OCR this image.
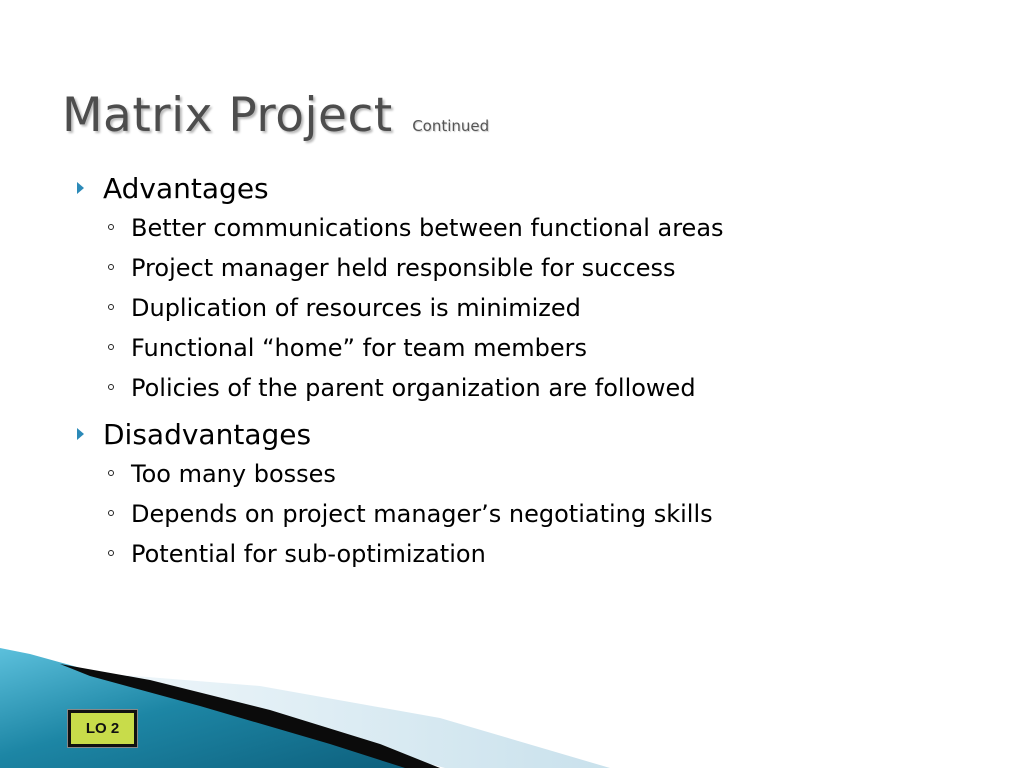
Matrix Project Continued
Advantages
Better communications between functional areas
Project manager held responsible for success
Duplication of resources is minimized
Functional “home” for team members
Policies of the parent organization are followed
Disadvantages
Too many bosses
Depends on project manager’s negotiating skills
Potential for sub-optimization
LO 2
